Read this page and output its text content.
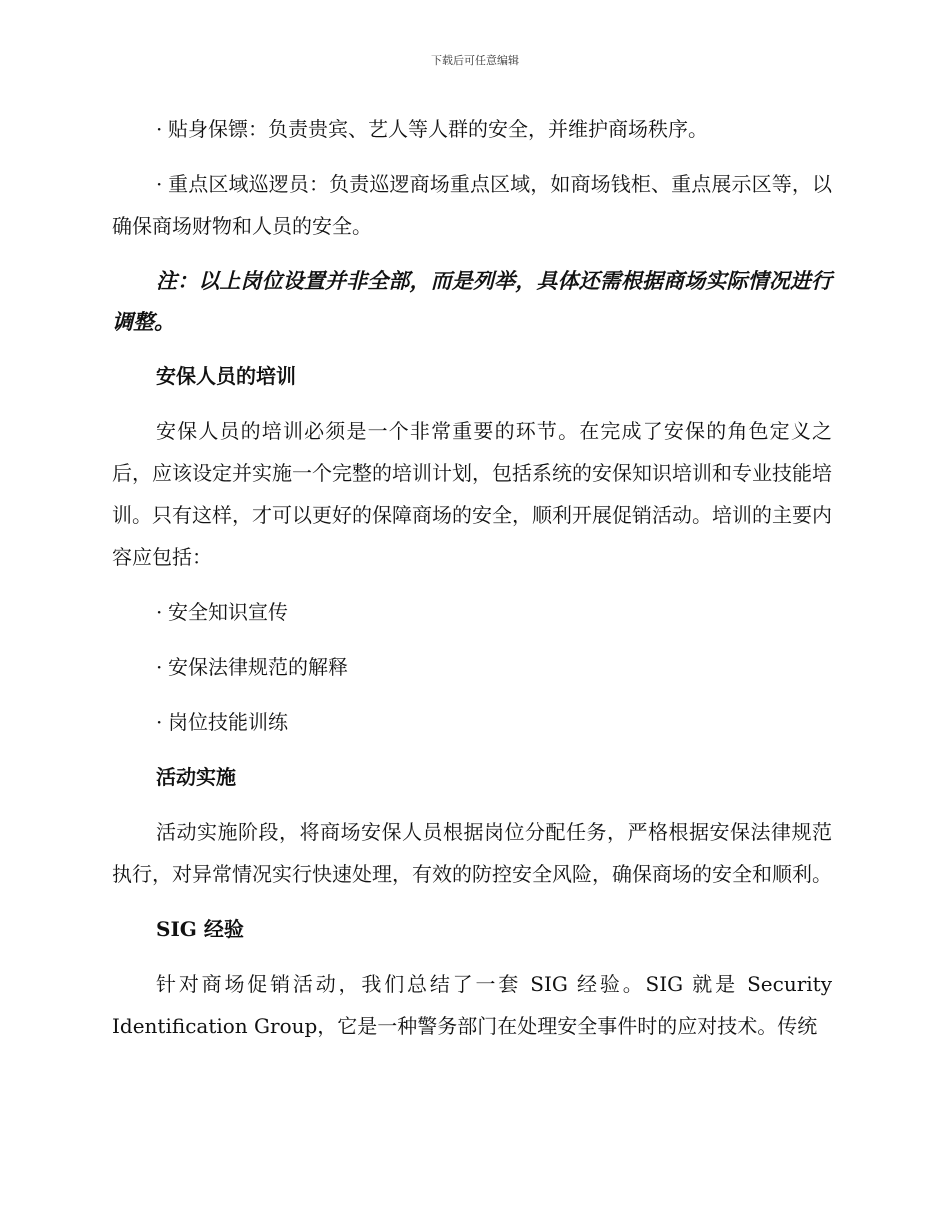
下载后可任意编辑

· 贴身保镖：负责贵宾、艺人等人群的安全，并维护商场秩序。

· 重点区域巡逻员：负责巡逻商场重点区域，如商场钱柜、重点展示区等，以确保商场财物和人员的安全。

注：以上岗位设置并非全部，而是列举，具体还需根据商场实际情况进行调整。

安保人员的培训

安保人员的培训必须是一个非常重要的环节。在完成了安保的角色定义之后，应该设定并实施一个完整的培训计划，包括系统的安保知识培训和专业技能培训。只有这样，才可以更好的保障商场的安全，顺利开展促销活动。培训的主要内容应包括：

· 安全知识宣传

· 安保法律规范的解释

· 岗位技能训练

活动实施

活动实施阶段，将商场安保人员根据岗位分配任务，严格根据安保法律规范执行，对异常情况实行快速处理，有效的防控安全风险，确保商场的安全和顺利。

SIG 经验

针对商场促销活动，我们总结了一套 SIG 经验。SIG 就是 Security Identification Group，它是一种警务部门在处理安全事件时的应对技术。传统
